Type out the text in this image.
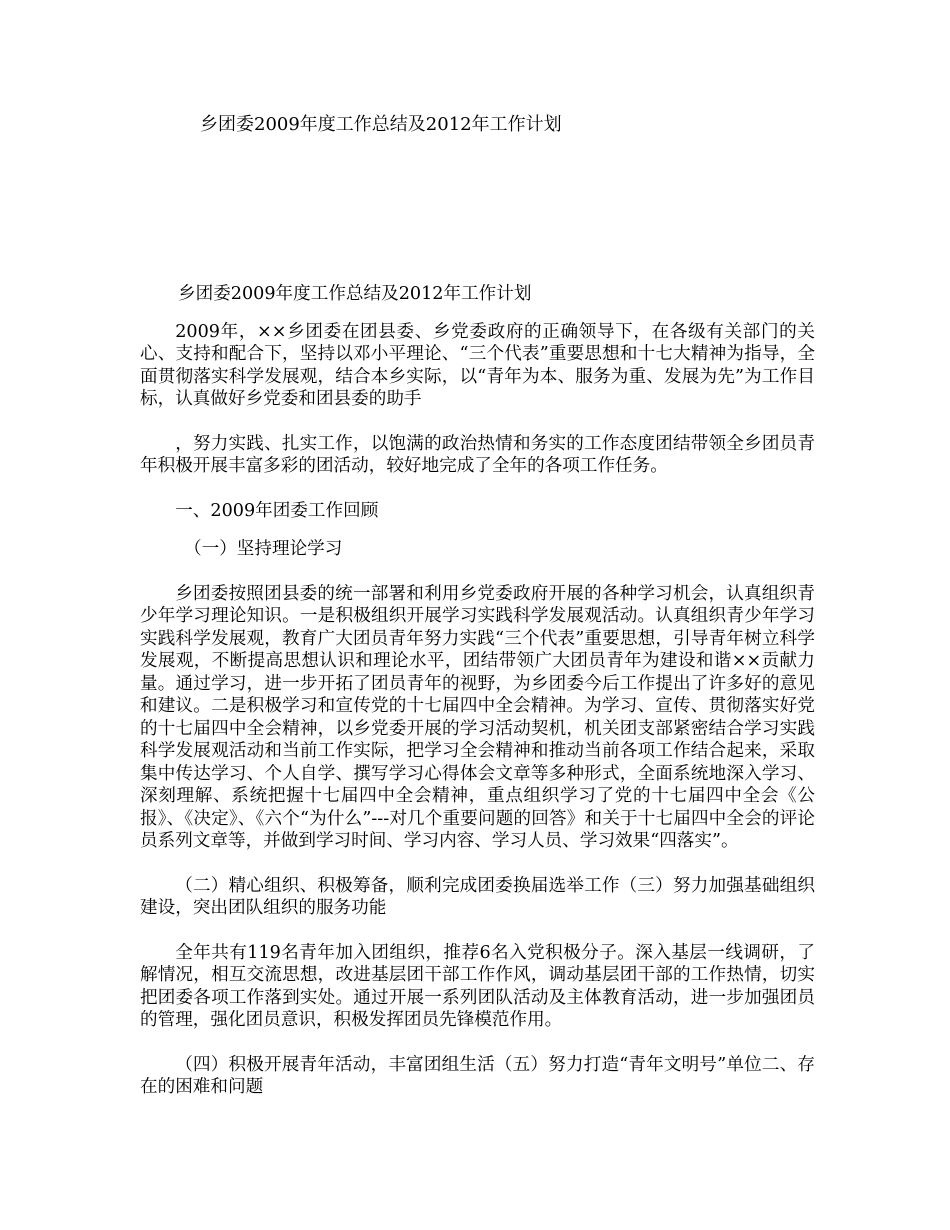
乡团委2009年度工作总结及2012年工作计划

乡团委2009年度工作总结及2012年工作计划

2009年，××乡团委在团县委、乡党委政府的正确领导下，在各级有关部门的关心、支持和配合下，坚持以邓小平理论、“三个代表”重要思想和十七大精神为指导，全面贯彻落实科学发展观，结合本乡实际，以“青年为本、服务为重、发展为先”为工作目标，认真做好乡党委和团县委的助手

，努力实践、扎实工作，以饱满的政治热情和务实的工作态度团结带领全乡团员青年积极开展丰富多彩的团活动，较好地完成了全年的各项工作任务。

一、2009年团委工作回顾

（一）坚持理论学习

乡团委按照团县委的统一部署和利用乡党委政府开展的各种学习机会，认真组织青少年学习理论知识。一是积极组织开展学习实践科学发展观活动。认真组织青少年学习实践科学发展观，教育广大团员青年努力实践“三个代表”重要思想，引导青年树立科学发展观，不断提高思想认识和理论水平，团结带领广大团员青年为建设和谐××贡献力量。通过学习，进一步开拓了团员青年的视野，为乡团委今后工作提出了许多好的意见和建议。二是积极学习和宣传党的十七届四中全会精神。为学习、宣传、贯彻落实好党的十七届四中全会精神，以乡党委开展的学习活动契机，机关团支部紧密结合学习实践科学发展观活动和当前工作实际，把学习全会精神和推动当前各项工作结合起来，采取集中传达学习、个人自学、撰写学习心得体会文章等多种形式，全面系统地深入学习、深刻理解、系统把握十七届四中全会精神，重点组织学习了党的十七届四中全会《公报》、《决定》、《六个“为什么”---对几个重要问题的回答》和关于十七届四中全会的评论员系列文章等，并做到学习时间、学习内容、学习人员、学习效果“四落实”。

（二）精心组织、积极筹备，顺利完成团委换届选举工作（三）努力加强基础组织建设，突出团队组织的服务功能

全年共有119名青年加入团组织，推荐6名入党积极分子。深入基层一线调研，了解情况，相互交流思想，改进基层团干部工作作风，调动基层团干部的工作热情，切实把团委各项工作落到实处。通过开展一系列团队活动及主体教育活动，进一步加强团员的管理，强化团员意识，积极发挥团员先锋模范作用。

（四）积极开展青年活动，丰富团组生活（五）努力打造“青年文明号”单位二、存在的困难和问题
